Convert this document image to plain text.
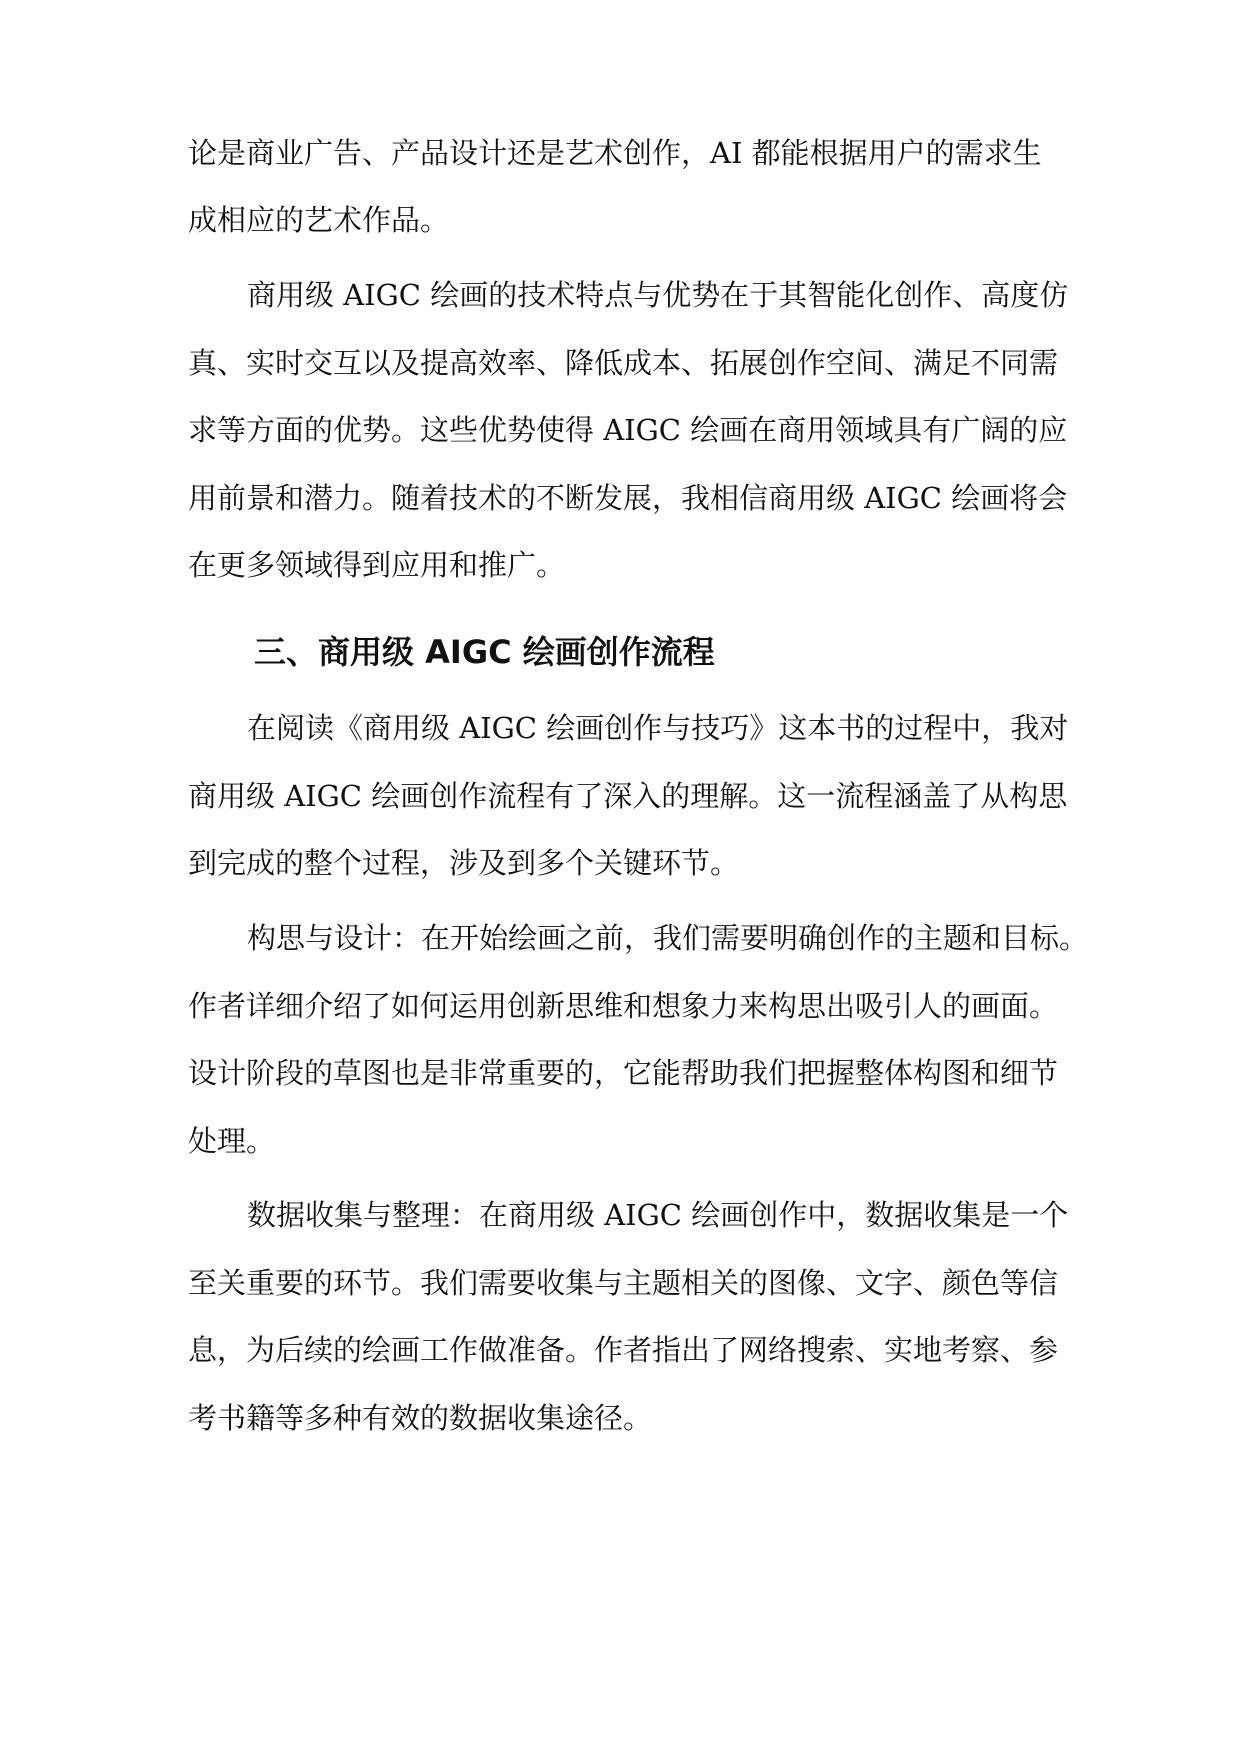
论是商业广告、产品设计还是艺术创作，AI 都能根据用户的需求生
成相应的艺术作品。
商用级 AIGC 绘画的技术特点与优势在于其智能化创作、高度仿
真、实时交互以及提高效率、降低成本、拓展创作空间、满足不同需
求等方面的优势。这些优势使得 AIGC 绘画在商用领域具有广阔的应
用前景和潜力。随着技术的不断发展，我相信商用级 AIGC 绘画将会
在更多领域得到应用和推广。
三、商用级 AIGC 绘画创作流程
在阅读《商用级 AIGC 绘画创作与技巧》这本书的过程中，我对
商用级 AIGC 绘画创作流程有了深入的理解。这一流程涵盖了从构思
到完成的整个过程，涉及到多个关键环节。
构思与设计：在开始绘画之前，我们需要明确创作的主题和目标。
作者详细介绍了如何运用创新思维和想象力来构思出吸引人的画面。
设计阶段的草图也是非常重要的，它能帮助我们把握整体构图和细节
处理。
数据收集与整理：在商用级 AIGC 绘画创作中，数据收集是一个
至关重要的环节。我们需要收集与主题相关的图像、文字、颜色等信
息，为后续的绘画工作做准备。作者指出了网络搜索、实地考察、参
考书籍等多种有效的数据收集途径。
